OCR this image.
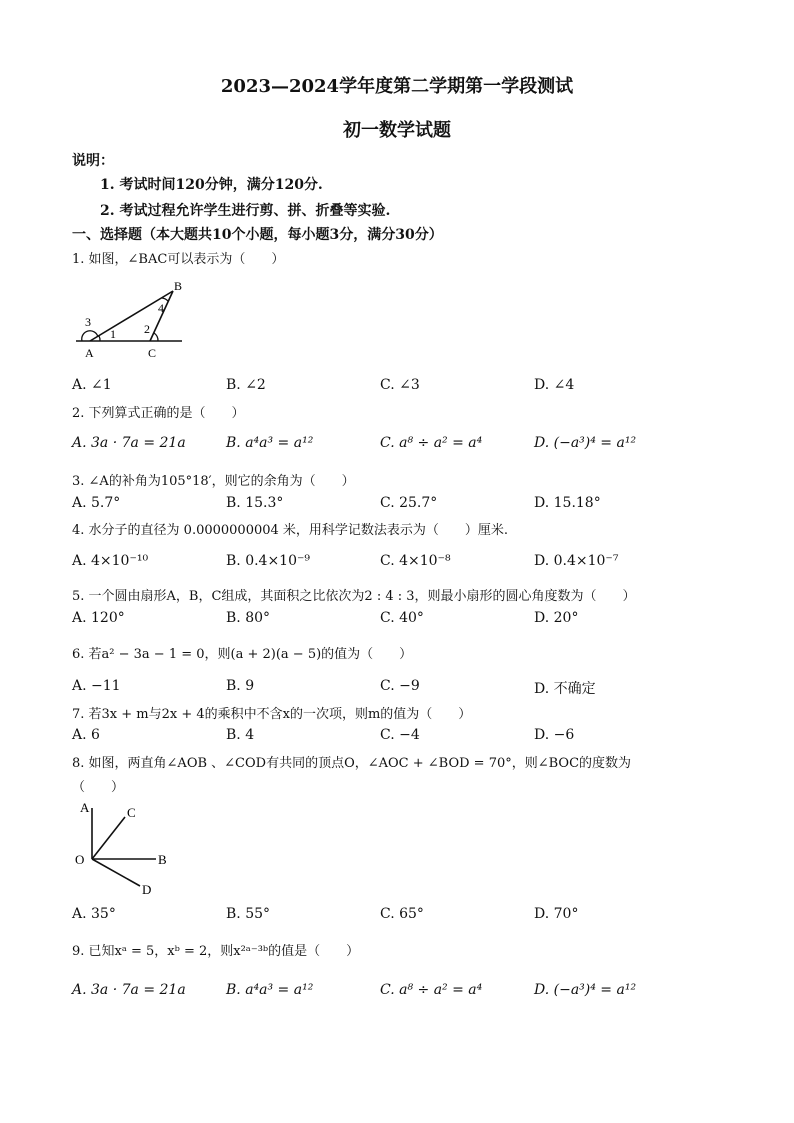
2023—2024学年度第二学期第一学段测试
初一数学试题
说明：
1. 考试时间120分钟，满分120分.
2. 考试过程允许学生进行剪、拼、折叠等实验.
一、选择题（本大题共10个小题，每小题3分，满分30分）
1. 如图，∠BAC可以表示为（　　）
A
B
C
1 2
3
4
A. ∠1	B. ∠2	C. ∠3	D. ∠4
2. 下列算式正确的是（　　）
A. 3a · 7a = 21a	B. a⁴a³ = a¹²	C. a⁸ ÷ a² = a⁴	D. (−a³)⁴ = a¹²
3. ∠A的补角为105°18′，则它的余角为（　　）
A. 5.7°	B. 15.3°	C. 25.7°	D. 15.18°
4. 水分子的直径为 0.0000000004 米，用科学记数法表示为（　　）厘米.
A. 4×10⁻¹⁰	B. 0.4×10⁻⁹	C. 4×10⁻⁸	D. 0.4×10⁻⁷
5. 一个圆由扇形A，B，C组成，其面积之比依次为2 : 4 : 3，则最小扇形的圆心角度数为（　　）
A. 120°	B. 80°	C. 40°	D. 20°
6. 若a² − 3a − 1 = 0，则(a + 2)(a − 5)的值为（　　）
A. −11	B. 9	C. −9	D. 不确定
7. 若3x + m与2x + 4的乘积中不含x的一次项，则m的值为（　　）
A. 6	B. 4	C. −4	D. −6
8. 如图，两直角∠AOB 、∠COD有共同的顶点O，∠AOC + ∠BOD = 70°，则∠BOC的度数为
（　　）
A	C
O	B
D
A. 35°	B. 55°	C. 65°	D. 70°
9. 已知xᵃ = 5，xᵇ = 2，则x²ᵃ⁻³ᵇ的值是（　　）
A. 3a · 7a = 21a	B. a⁴a³ = a¹²	C. a⁸ ÷ a² = a⁴	D. (−a³)⁴ = a¹²
